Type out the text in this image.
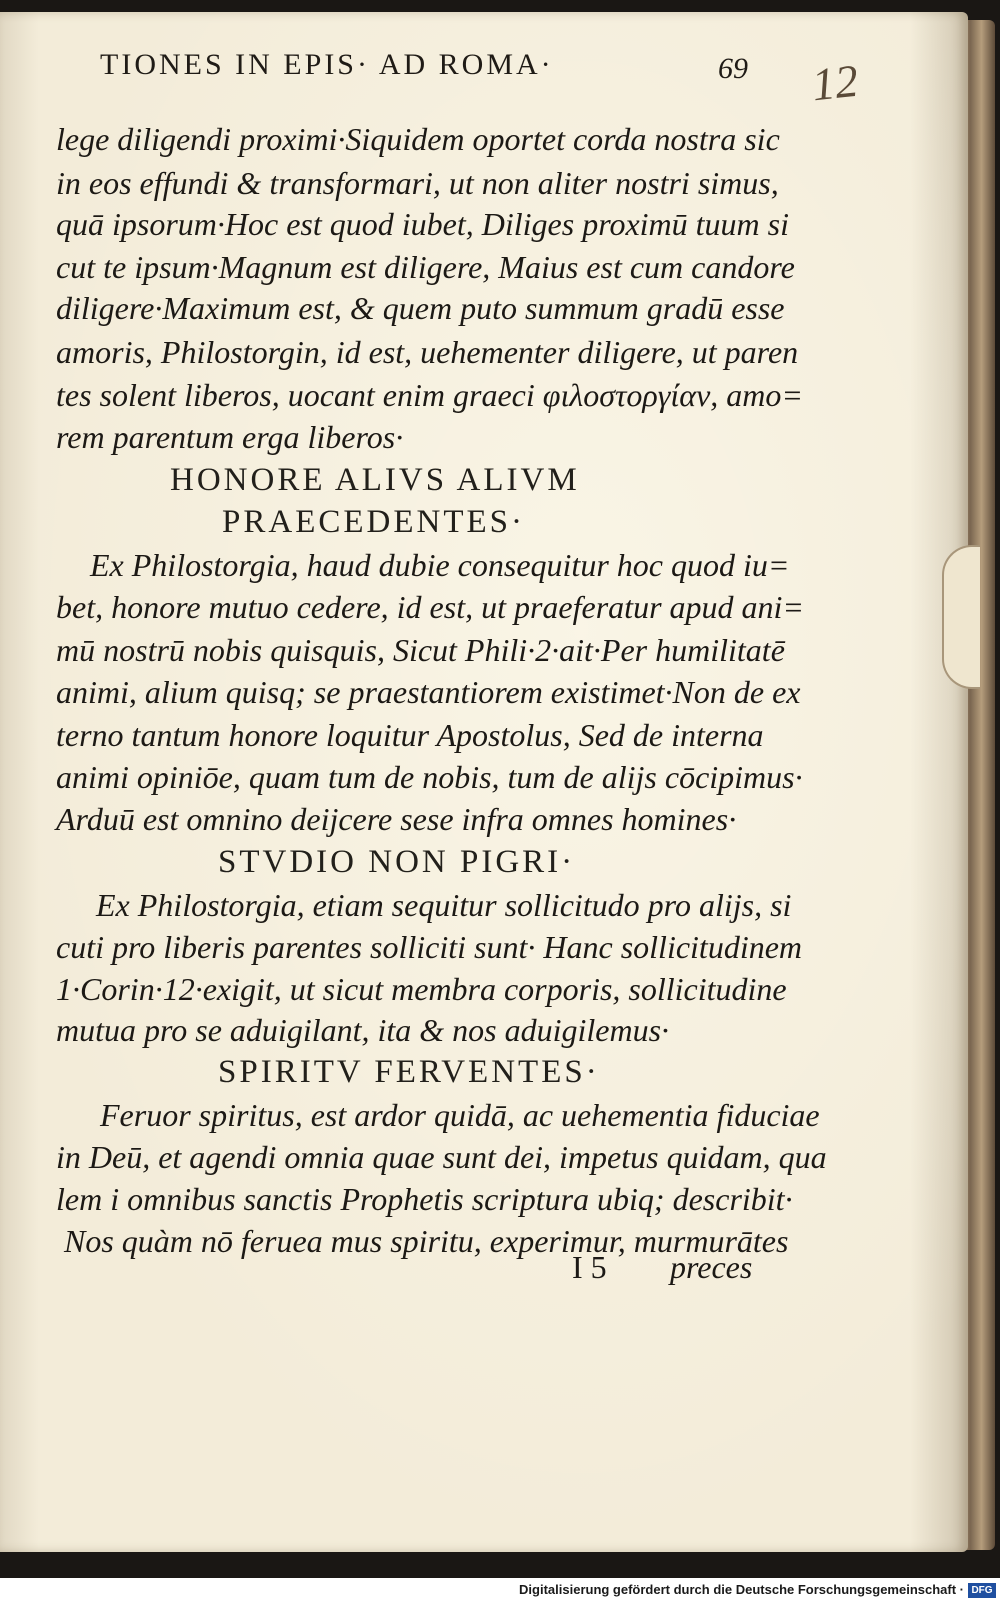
TIONES IN EPIS· AD ROMA·	69 12
lege diligendi proximi·Siquidem oportet corda nostra sic
in eos effundi & transformari, ut non aliter nostri simus,
quā ipsorum·Hoc est quod iubet, Diliges proximū tuum si
cut te ipsum·Magnum est diligere, Maius est cum candore
diligere·Maximum est, & quem puto summum gradū esse
amoris, Philostorgin, id est, uehementer diligere, ut paren
tes solent liberos, uocant enim graeci φιλοστοργίαν, amo=
rem parentum erga liberos·
HONORE ALIVS ALIVM
PRAECEDENTES·
Ex Philostorgia, haud dubie consequitur hoc quod iu=
bet, honore mutuo cedere, id est, ut praeferatur apud ani=
mū nostrū nobis quisquis, Sicut Phili·2·ait·Per humilitatē
animi, alium quisq; se praestantiorem existimet·Non de ex
terno tantum honore loquitur Apostolus, Sed de interna
animi opiniōe, quam tum de nobis, tum de alijs cōcipimus·
Arduū est omnino deijcere sese infra omnes homines·
STVDIO NON PIGRI·
Ex Philostorgia, etiam sequitur sollicitudo pro alijs, si
cuti pro liberis parentes solliciti sunt· Hanc sollicitudinem
1·Corin·12·exigit, ut sicut membra corporis, sollicitudine
mutua pro se aduigilant, ita & nos aduigilemus·
SPIRITV FERVENTES·
Feruor spiritus, est ardor quidā, ac uehementia fiduciae
in Deū, et agendi omnia quae sunt dei, impetus quidam, qua
lem i omnibus sanctis Prophetis scriptura ubiq; describit·
Nos quàm nō feruea mus spiritu, experimur, murmurātes
I 5 preces
Digitalisierung gefördert durch die Deutsche Forschungsgemeinschaft · DFG
